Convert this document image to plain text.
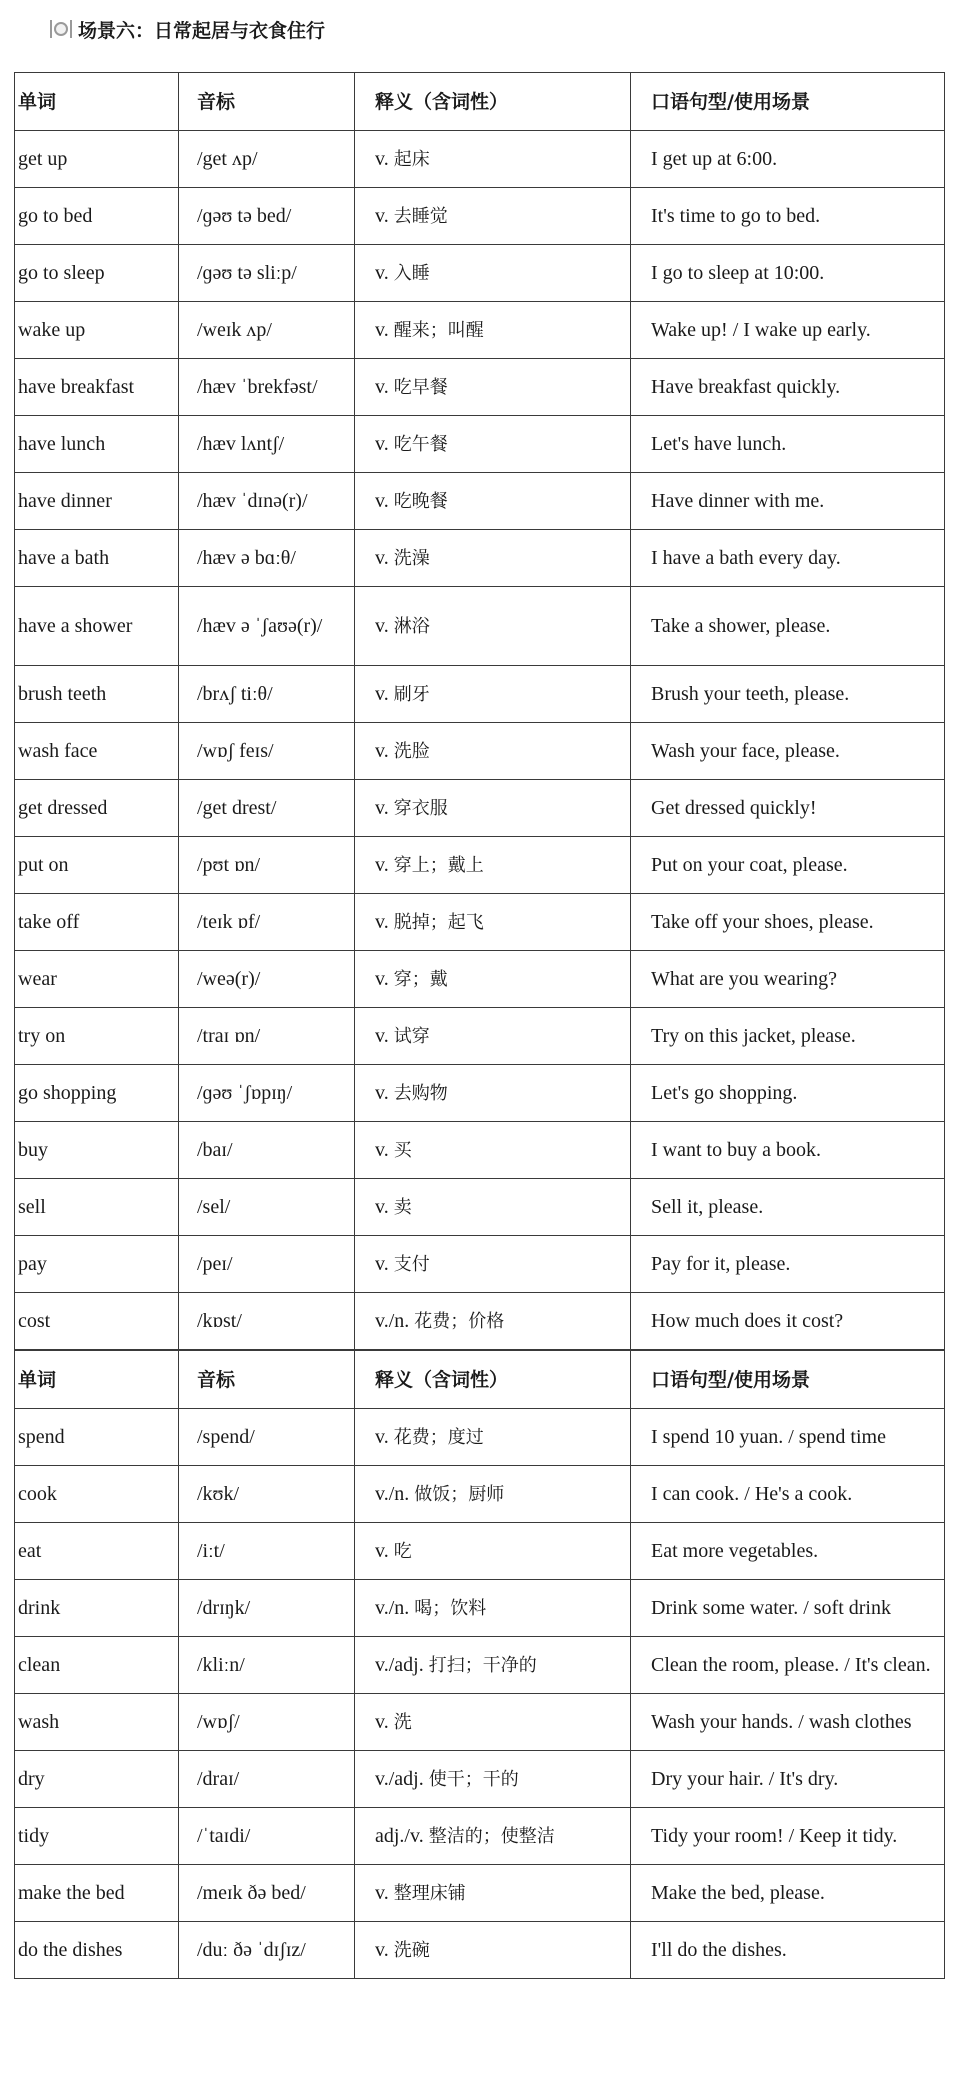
场景六：日常起居与衣食住行
单词	音标	释义（含词性）	口语句型/使用场景
get up	/get ʌp/	v. 起床	I get up at 6:00.
go to bed	/ɡəʊ tə bed/	v. 去睡觉	It's time to go to bed.
go to sleep	/ɡəʊ tə sliːp/	v. 入睡	I go to sleep at 10:00.
wake up	/weɪk ʌp/	v. 醒来；叫醒	Wake up! / I wake up early.
have breakfast	/hæv ˈbrekfəst/	v. 吃早餐	Have breakfast quickly.
have lunch	/hæv lʌntʃ/	v. 吃午餐	Let's have lunch.
have dinner	/hæv ˈdɪnə(r)/	v. 吃晚餐	Have dinner with me.
have a bath	/hæv ə bɑːθ/	v. 洗澡	I have a bath every day.
have a shower	/hæv ə ˈʃaʊə(r)/	v. 淋浴	Take a shower, please.
brush teeth	/brʌʃ tiːθ/	v. 刷牙	Brush your teeth, please.
wash face	/wɒʃ feɪs/	v. 洗脸	Wash your face, please.
get dressed	/get drest/	v. 穿衣服	Get dressed quickly!
put on	/pʊt ɒn/	v. 穿上；戴上	Put on your coat, please.
take off	/teɪk ɒf/	v. 脱掉；起飞	Take off your shoes, please.
wear	/weə(r)/	v. 穿；戴	What are you wearing?
try on	/traɪ ɒn/	v. 试穿	Try on this jacket, please.
go shopping	/ɡəʊ ˈʃɒpɪŋ/	v. 去购物	Let's go shopping.
buy	/baɪ/	v. 买	I want to buy a book.
sell	/sel/	v. 卖	Sell it, please.
pay	/peɪ/	v. 支付	Pay for it, please.
cost	/kɒst/	v./n. 花费；价格	How much does it cost?
单词	音标	释义（含词性）	口语句型/使用场景
spend	/spend/	v. 花费；度过	I spend 10 yuan. / spend time
cook	/kʊk/	v./n. 做饭；厨师	I can cook. / He's a cook.
eat	/iːt/	v. 吃	Eat more vegetables.
drink	/drɪŋk/	v./n. 喝；饮料	Drink some water. / soft drink
clean	/kliːn/	v./adj. 打扫；干净的	Clean the room, please. / It's clean.
wash	/wɒʃ/	v. 洗	Wash your hands. / wash clothes
dry	/draɪ/	v./adj. 使干；干的	Dry your hair. / It's dry.
tidy	/ˈtaɪdi/	adj./v. 整洁的；使整洁	Tidy your room! / Keep it tidy.
make the bed	/meɪk ðə bed/	v. 整理床铺	Make the bed, please.
do the dishes	/duː ðə ˈdɪʃɪz/	v. 洗碗	I'll do the dishes.
